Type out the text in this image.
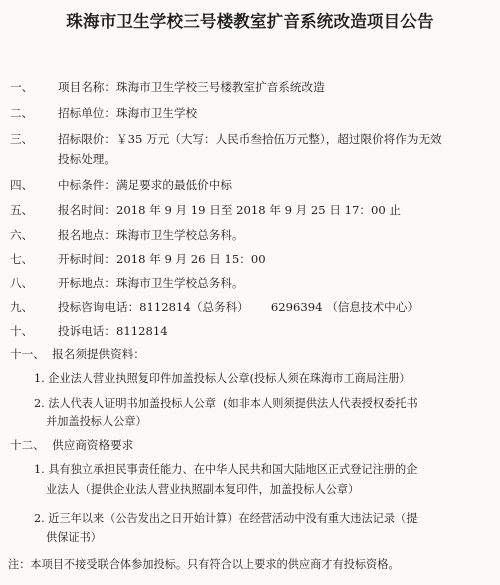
珠海市卫生学校三号楼教室扩音系统改造项目公告
一、 项目名称：珠海市卫生学校三号楼教室扩音系统改造
二、 招标单位：珠海市卫生学校
三、 招标限价：￥35 万元（大写：人民币叁拾伍万元整），超过限价将作为无效
投标处理。
四、 中标条件：满足要求的最低价中标
五、 报名时间：2018 年 9 月 19 日至 2018 年 9 月 25 日 17：00 止
六、 报名地点：珠海市卫生学校总务科。
七、 开标时间：2018 年 9 月 26 日 15：00
八、 开标地点：珠海市卫生学校总务科。
九、 投标咨询电话：8112814（总务科）      6296394 （信息技术中心）
十、 投诉电话：8112814
十一、  报名须提供资料：
1. 企业法人营业执照复印件加盖投标人公章(投标人须在珠海市工商局注册）
2. 法人代表人证明书加盖投标人公章  (如非本人则须提供法人代表授权委托书
并加盖投标人公章）
十二、  供应商资格要求
1. 具有独立承担民事责任能力、在中华人民共和国大陆地区正式登记注册的企
业法人（提供企业法人营业执照副本复印件，加盖投标人公章）
2. 近三年以来（公告发出之日开始计算）在经营活动中没有重大违法记录（提
供保证书）
注：本项目不接受联合体参加投标。只有符合以上要求的供应商才有投标资格。
